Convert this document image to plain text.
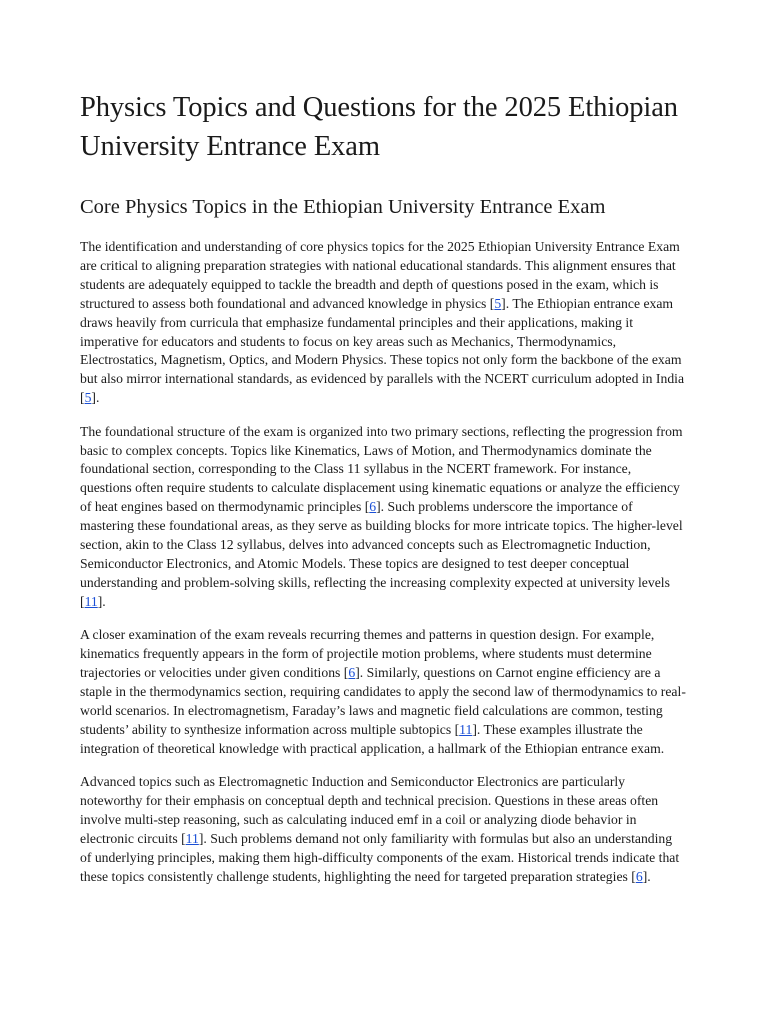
Physics Topics and Questions for the 2025 Ethiopian University Entrance Exam
Core Physics Topics in the Ethiopian University Entrance Exam

The identification and understanding of core physics topics for the 2025 Ethiopian University Entrance Exam are critical to aligning preparation strategies with national educational standards. This alignment ensures that students are adequately equipped to tackle the breadth and depth of questions posed in the exam, which is structured to assess both foundational and advanced knowledge in physics [5]. The Ethiopian entrance exam draws heavily from curricula that emphasize fundamental principles and their applications, making it imperative for educators and students to focus on key areas such as Mechanics, Thermodynamics, Electrostatics, Magnetism, Optics, and Modern Physics. These topics not only form the backbone of the exam but also mirror international standards, as evidenced by parallels with the NCERT curriculum adopted in India [5].

The foundational structure of the exam is organized into two primary sections, reflecting the progression from basic to complex concepts. Topics like Kinematics, Laws of Motion, and Thermodynamics dominate the foundational section, corresponding to the Class 11 syllabus in the NCERT framework. For instance, questions often require students to calculate displacement using kinematic equations or analyze the efficiency of heat engines based on thermodynamic principles [6]. Such problems underscore the importance of mastering these foundational areas, as they serve as building blocks for more intricate topics. The higher-level section, akin to the Class 12 syllabus, delves into advanced concepts such as Electromagnetic Induction, Semiconductor Electronics, and Atomic Models. These topics are designed to test deeper conceptual understanding and problem-solving skills, reflecting the increasing complexity expected at university levels [11].

A closer examination of the exam reveals recurring themes and patterns in question design. For example, kinematics frequently appears in the form of projectile motion problems, where students must determine trajectories or velocities under given conditions [6]. Similarly, questions on Carnot engine efficiency are a staple in the thermodynamics section, requiring candidates to apply the second law of thermodynamics to real-world scenarios. In electromagnetism, Faraday’s laws and magnetic field calculations are common, testing students’ ability to synthesize information across multiple subtopics [11]. These examples illustrate the integration of theoretical knowledge with practical application, a hallmark of the Ethiopian entrance exam.

Advanced topics such as Electromagnetic Induction and Semiconductor Electronics are particularly noteworthy for their emphasis on conceptual depth and technical precision. Questions in these areas often involve multi-step reasoning, such as calculating induced emf in a coil or analyzing diode behavior in electronic circuits [11]. Such problems demand not only familiarity with formulas but also an understanding of underlying principles, making them high-difficulty components of the exam. Historical trends indicate that these topics consistently challenge students, highlighting the need for targeted preparation strategies [6].
